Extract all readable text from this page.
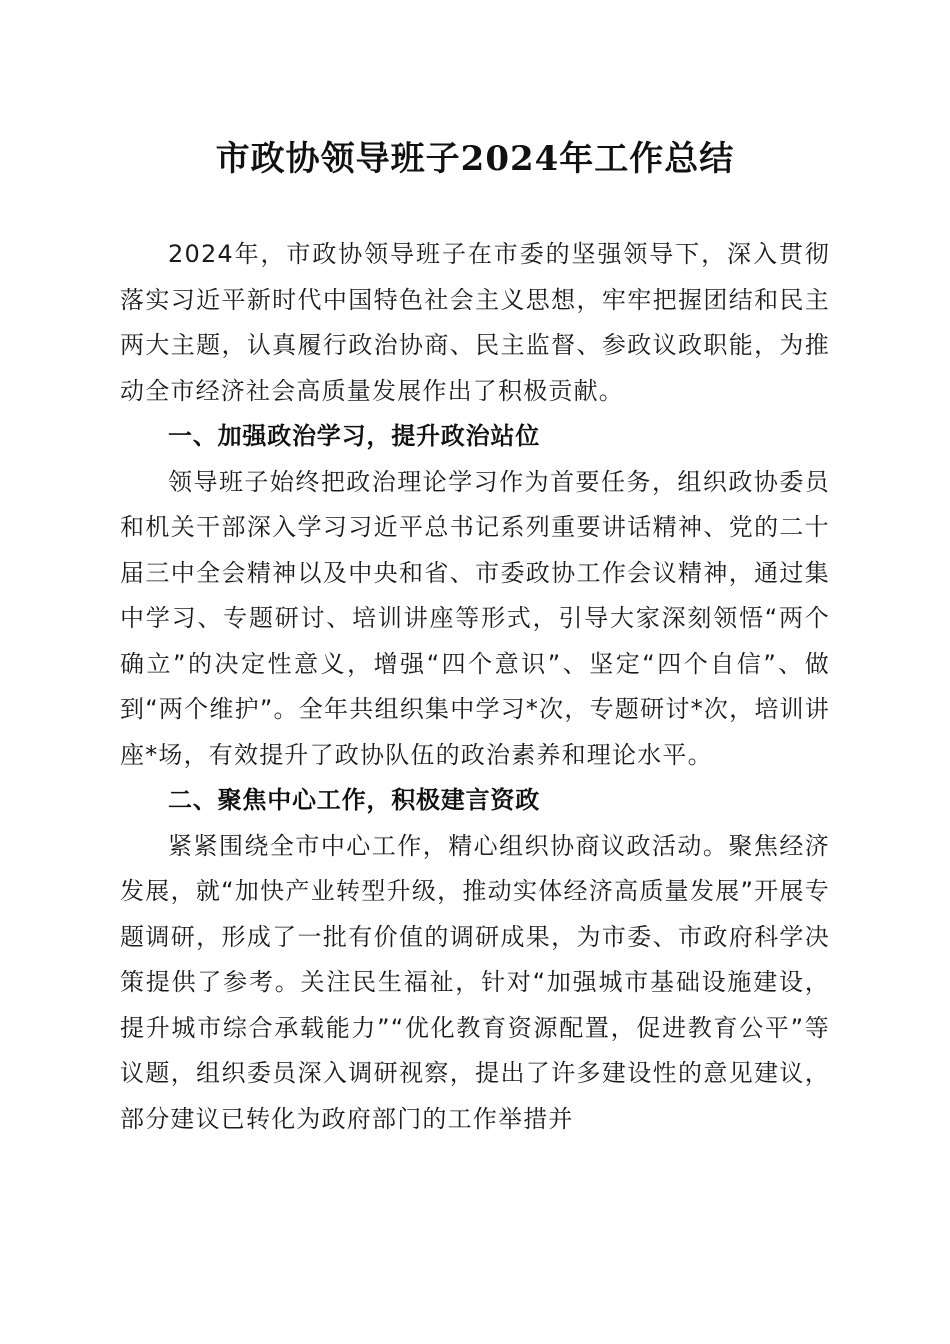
市政协领导班子2024年工作总结

2024年，市政协领导班子在市委的坚强领导下，深入贯彻落实习近平新时代中国特色社会主义思想，牢牢把握团结和民主两大主题，认真履行政治协商、民主监督、参政议政职能，为推动全市经济社会高质量发展作出了积极贡献。

一、加强政治学习，提升政治站位

领导班子始终把政治理论学习作为首要任务，组织政协委员和机关干部深入学习习近平总书记系列重要讲话精神、党的二十届三中全会精神以及中央和省、市委政协工作会议精神，通过集中学习、专题研讨、培训讲座等形式，引导大家深刻领悟“两个确立”的决定性意义，增强“四个意识”、坚定“四个自信”、做到“两个维护”。全年共组织集中学习*次，专题研讨*次，培训讲座*场，有效提升了政协队伍的政治素养和理论水平。

二、聚焦中心工作，积极建言资政

紧紧围绕全市中心工作，精心组织协商议政活动。聚焦经济发展，就“加快产业转型升级，推动实体经济高质量发展”开展专题调研，形成了一批有价值的调研成果，为市委、市政府科学决策提供了参考。关注民生福祉，针对“加强城市基础设施建设，提升城市综合承载能力”“优化教育资源配置，促进教育公平”等议题，组织委员深入调研视察，提出了许多建设性的意见建议，部分建议已转化为政府部门的工作举措并
